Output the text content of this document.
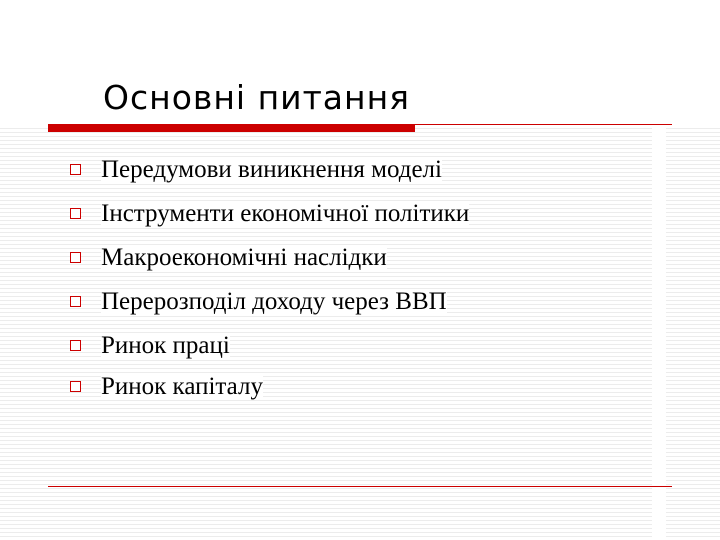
Основні питання
Передумови виникнення моделі
Інструменти економічної політики
Макроекономічні наслідки
Перерозподіл доходу через ВВП
Ринок праці
Ринок капіталу
